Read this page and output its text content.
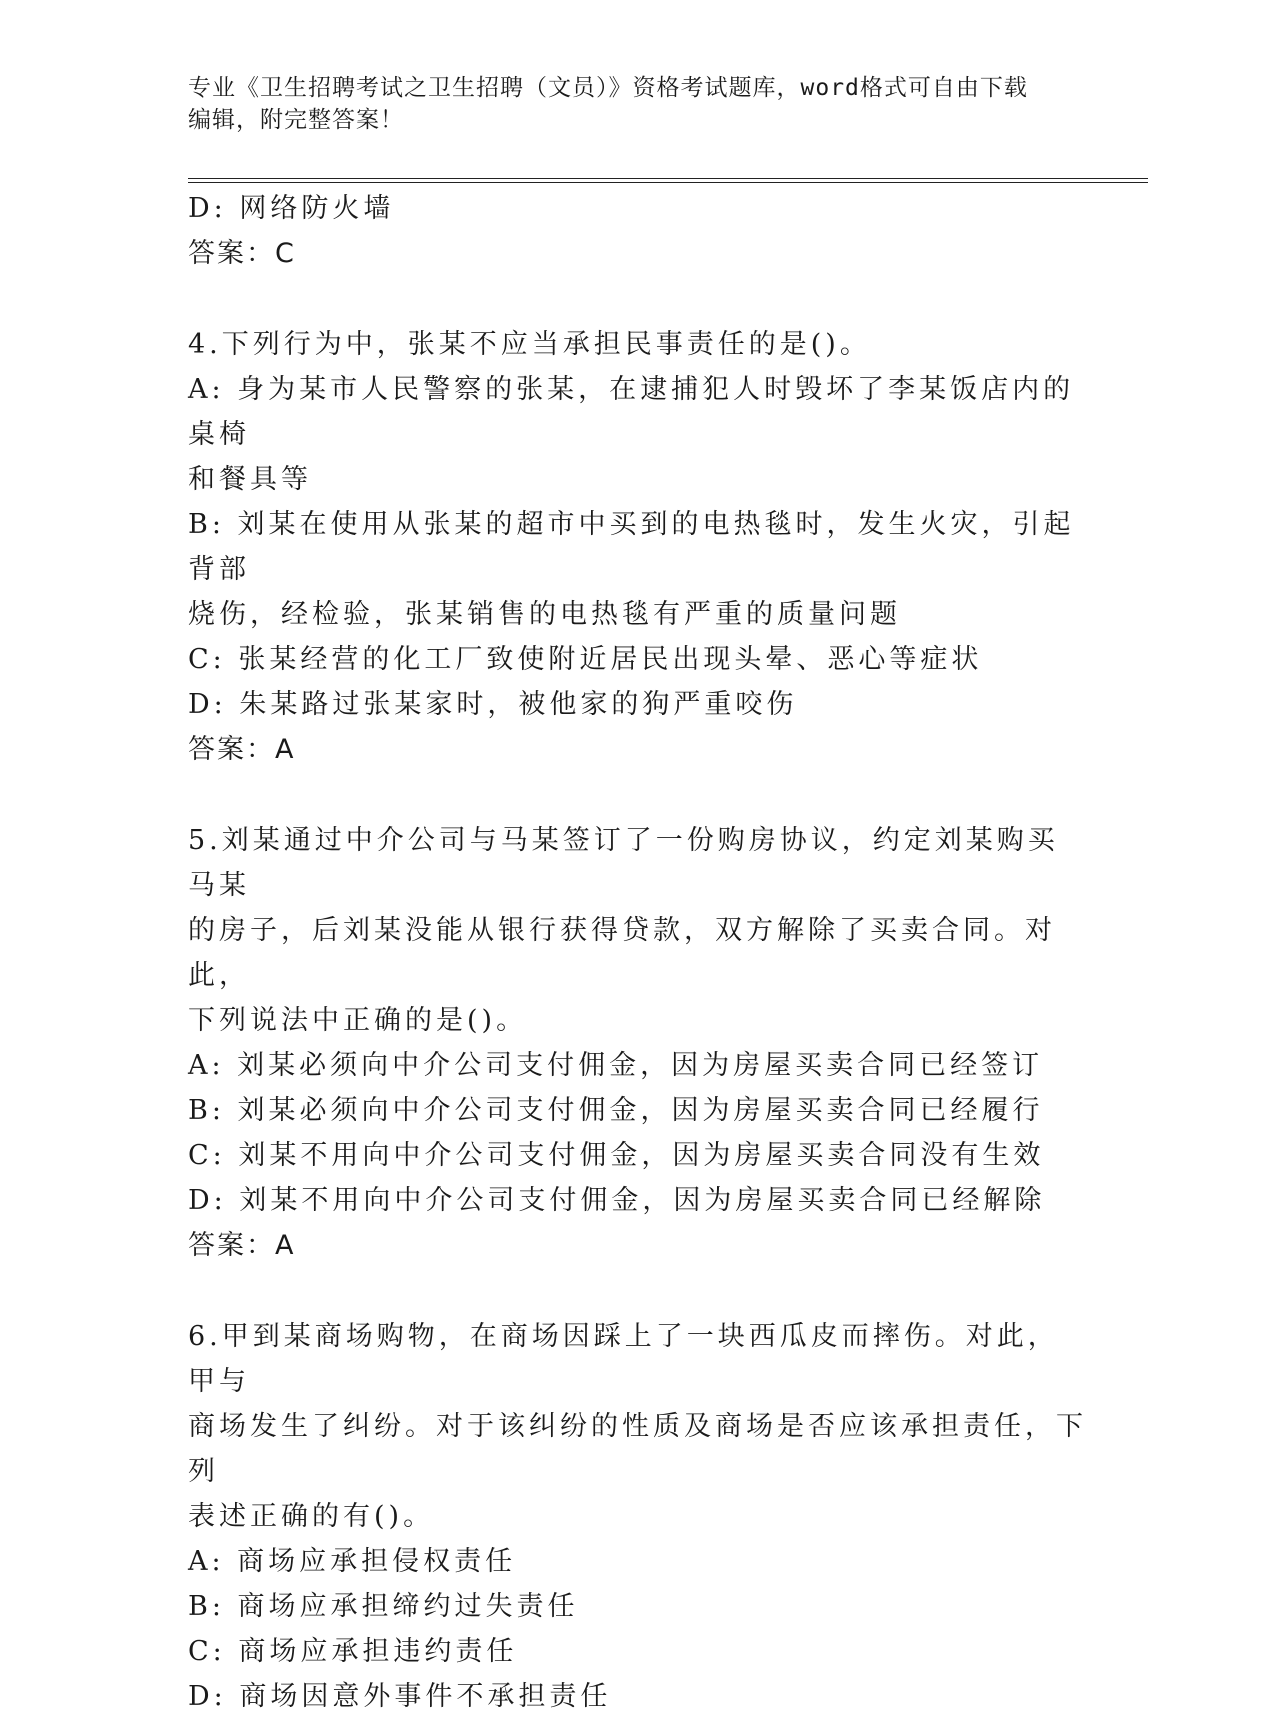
专业《卫生招聘考试之卫生招聘（文员）》资格考试题库，word格式可自由下载
编辑，附完整答案！

D: 网络防火墙

答案：C

4.下列行为中，张某不应当承担民事责任的是()。

A: 身为某市人民警察的张某，在逮捕犯人时毁坏了李某饭店内的桌椅

和餐具等

B: 刘某在使用从张某的超市中买到的电热毯时，发生火灾，引起背部

烧伤，经检验，张某销售的电热毯有严重的质量问题

C: 张某经营的化工厂致使附近居民出现头晕、恶心等症状

D: 朱某路过张某家时，被他家的狗严重咬伤

答案：A

5.刘某通过中介公司与马某签订了一份购房协议，约定刘某购买马某

的房子，后刘某没能从银行获得贷款，双方解除了买卖合同。对此，

下列说法中正确的是()。

A: 刘某必须向中介公司支付佣金，因为房屋买卖合同已经签订

B: 刘某必须向中介公司支付佣金，因为房屋买卖合同已经履行

C: 刘某不用向中介公司支付佣金，因为房屋买卖合同没有生效

D: 刘某不用向中介公司支付佣金，因为房屋买卖合同已经解除

答案：A

6.甲到某商场购物，在商场因踩上了一块西瓜皮而摔伤。对此，甲与

商场发生了纠纷。对于该纠纷的性质及商场是否应该承担责任，下列

表述正确的有()。

A: 商场应承担侵权责任

B: 商场应承担缔约过失责任

C: 商场应承担违约责任

D: 商场因意外事件不承担责任
